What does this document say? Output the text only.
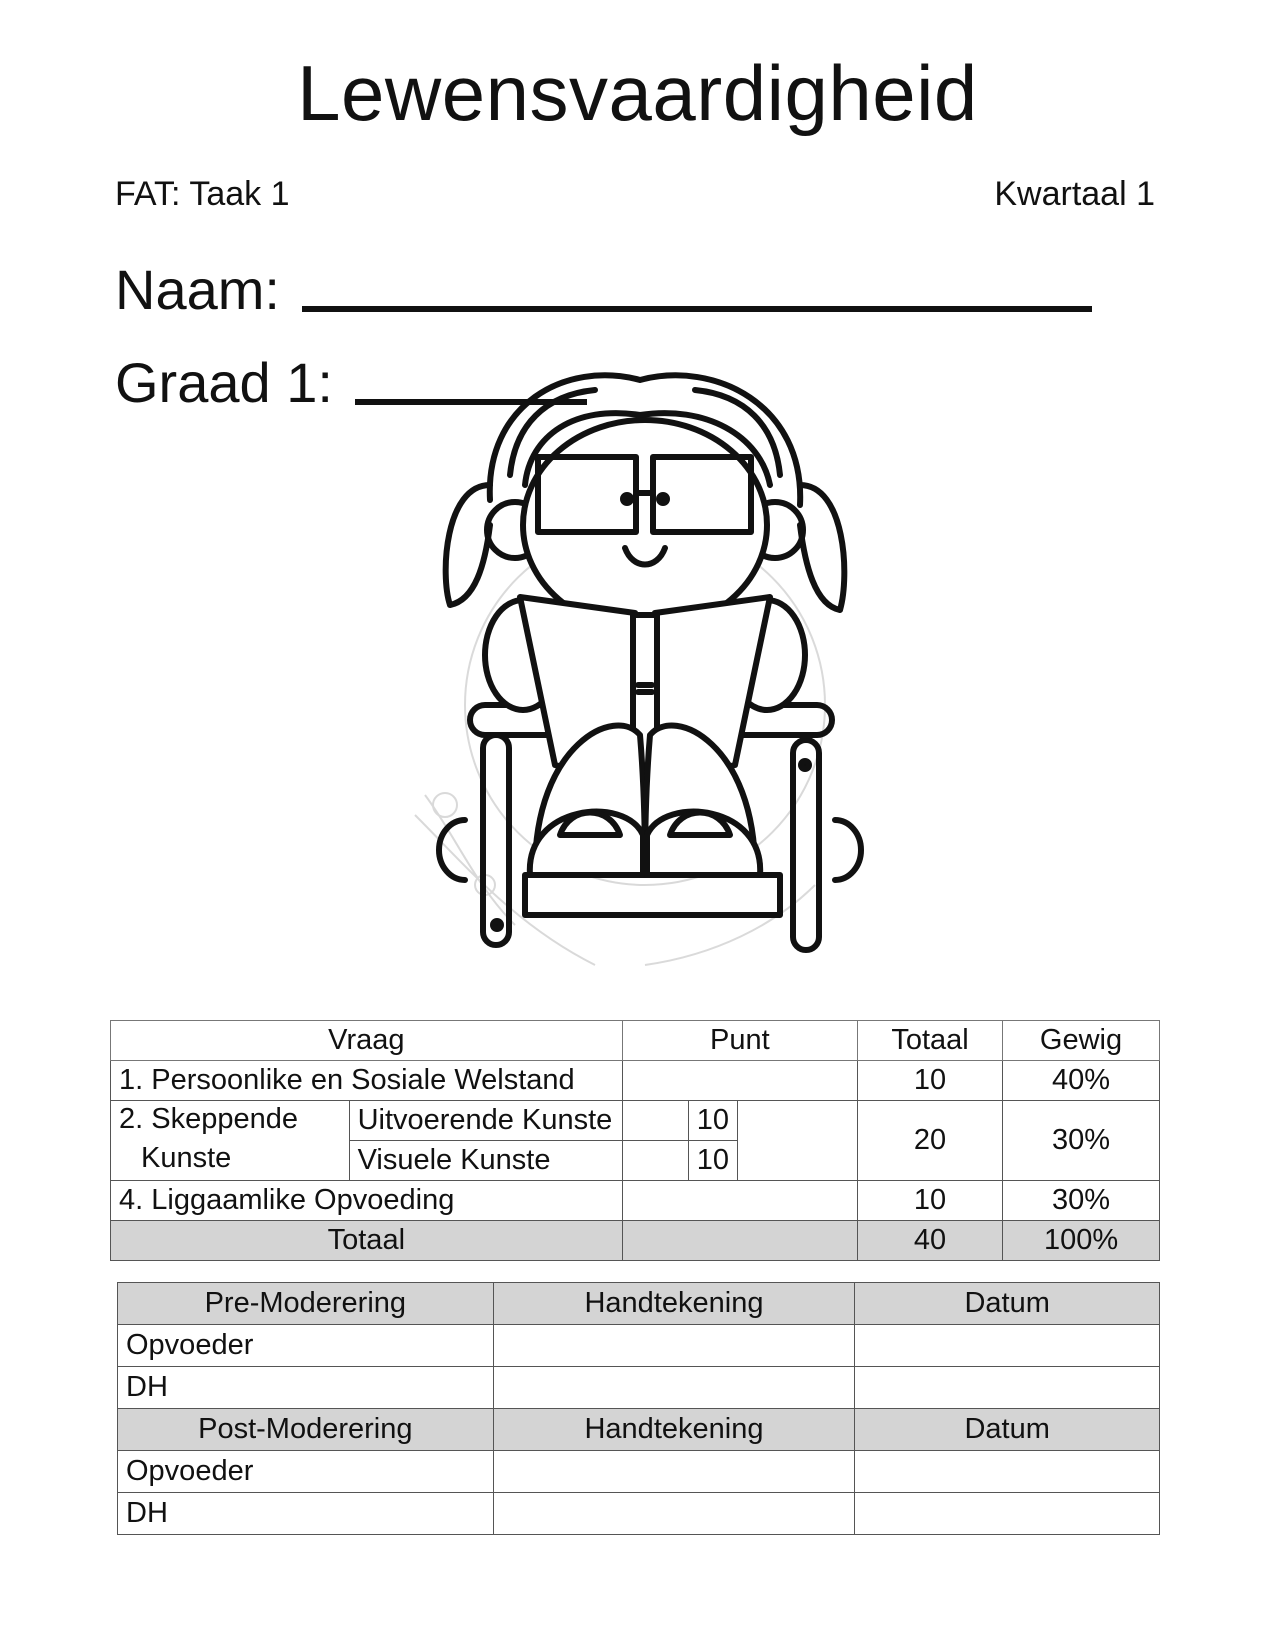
Lewensvaardigheid
FAT: Taak 1	Kwartaal 1
Naam:
Graad 1:
Vraag		Punt			Totaal	Gewig
1. Persoonlike en Sosiale Welstand					10	40%

2. Skeppende
Kunste	Uitvoerende Kunste		10		20	30%
	Visuele Kunste		10			
4. Liggaamlike Opvoeding					10	30%
Totaal					40	100%
Pre-Moderering	Handtekening	Datum
Opvoeder		
DH		
Post-Moderering	Handtekening	Datum
Opvoeder		
DH		
